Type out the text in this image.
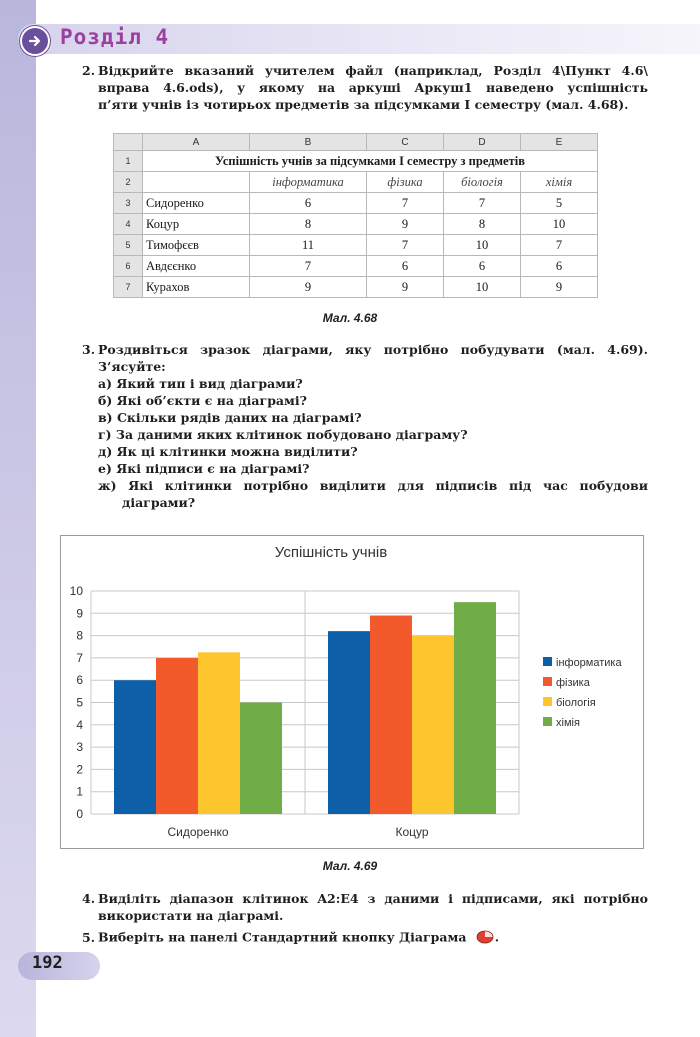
Розділ 4
2. Відкрийте вказаний учителем файл (наприклад, Розділ 4\Пункт 4.6\
вправа 4.6.ods), у якому на аркуші Аркуш1 наведено успішність
п’яти учнів із чотирьох предметів за підсумками І семестру (мал. 4.68).
	A	B	C	D	E
1	Успішність учнів за підсумками І семестру з предметів				
2		інформатика	фізика	біологія	хімія
3	Сидоренко	6	7	7	5
4	Коцур	8	9	8	10
5	Тимофєєв	11	7	10	7
6	Авдєєнко	7	6	6	6
7	Курахов	9	9	10	9
Мал. 4.68
3. Роздивіться зразок діаграми, яку потрібно побудувати (мал. 4.69).
З’ясуйте:
а) Який тип і вид діаграми?
б) Які об’єкти є на діаграмі?
в) Скільки рядів даних на діаграмі?
г) За даними яких клітинок побудовано діаграму?
д) Як ці клітинки можна виділити?
е) Які підписи є на діаграмі?
ж) Які клітинки потрібно виділити для підписів під час побудови
діаграми?
Успішність учнів
0
1
2
3
4
5
6
7
8
9
10
Сидоренко	Коцур
інформатика
фізика
біологія
хімія
Мал. 4.69
4. Виділіть діапазон клітинок A2:E4 з даними і підписами, які потрібно
використати на діаграмі.
5. Виберіть на панелі Стандартний кнопку Діаграма .
192
